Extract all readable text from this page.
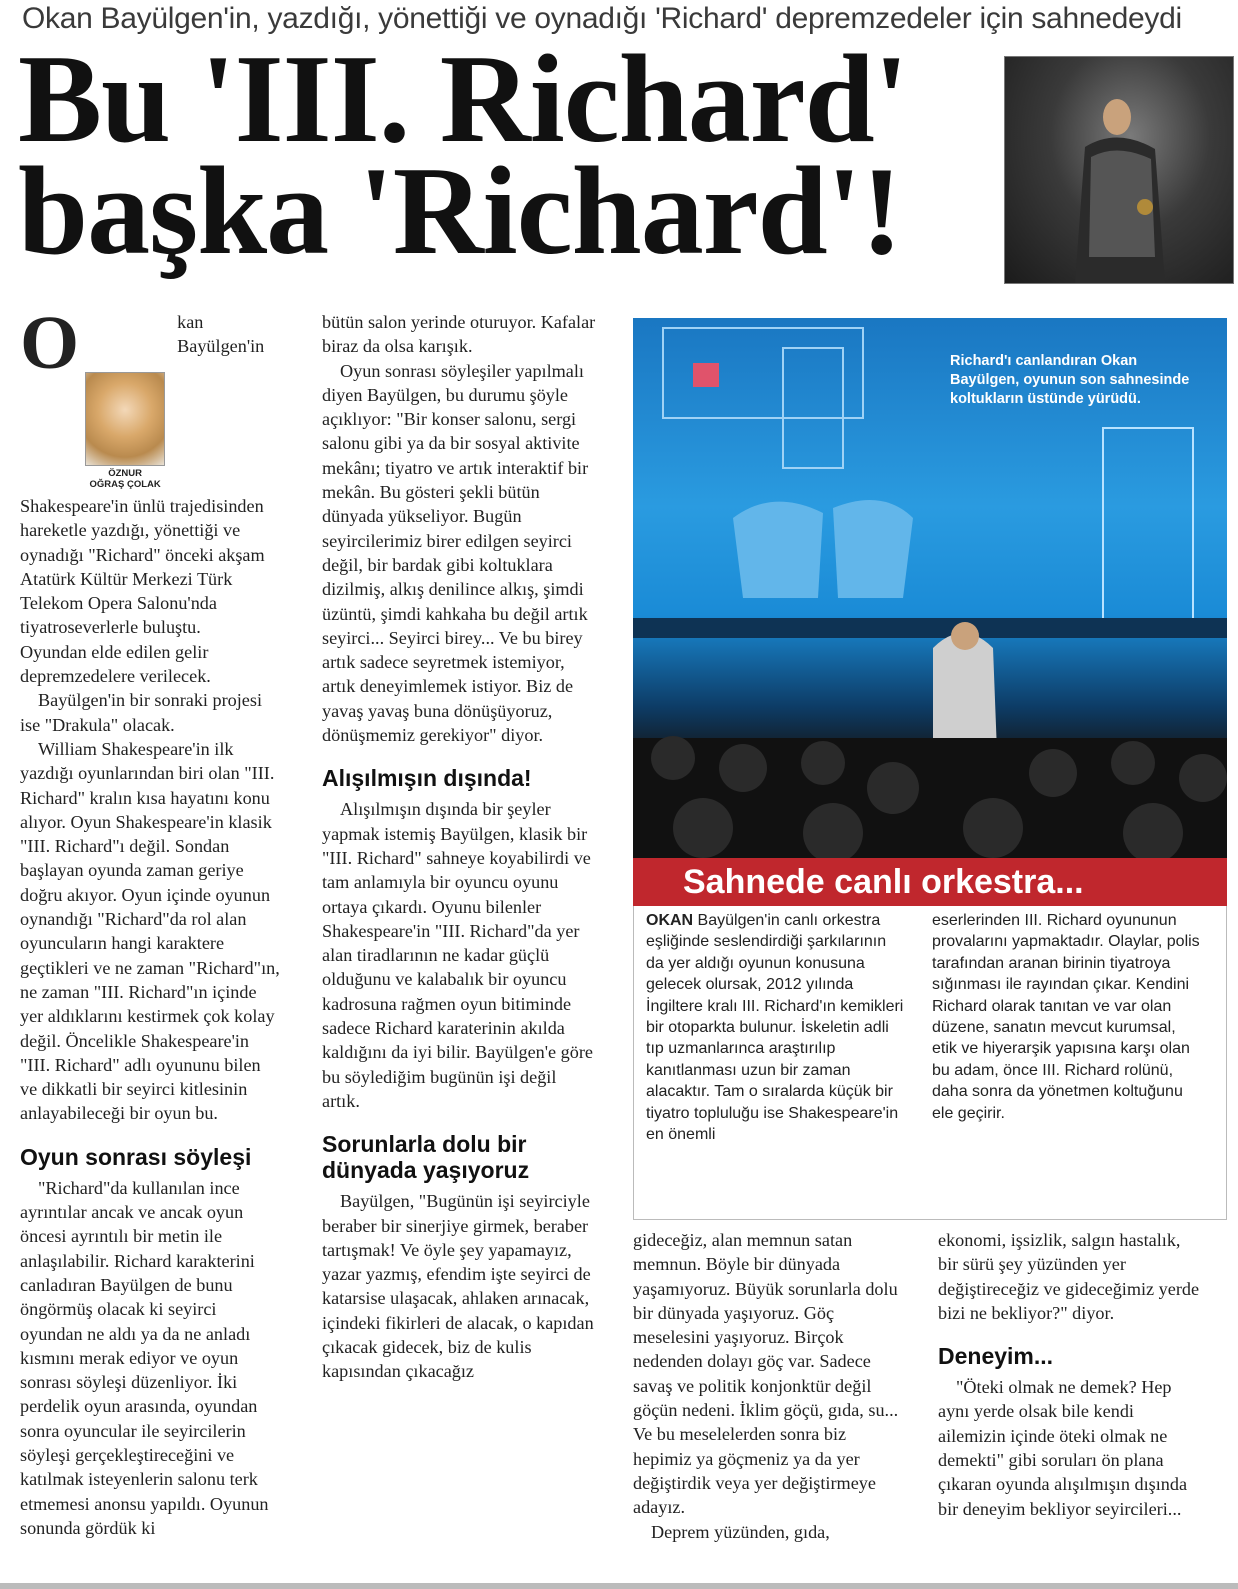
Okan Bayülgen'in, yazdığı, yönettiği ve oynadığı 'Richard' depremzedeler için sahnedeydi
Bu 'III. Richard'
başka 'Richard'!
O

ÖZNUR
OĞRAŞ ÇOLAK
kan Bayülgen'in Shakespeare'in ünlü trajedisinden hareketle yazdığı, yönettiği ve oynadığı "Richard" önceki akşam Atatürk Kültür Merkezi Türk Telekom Opera Salonu'nda tiyatroseverlerle buluştu.

Oyundan elde edilen gelir depremzedelere verilecek.

Bayülgen'in bir sonraki projesi ise "Drakula" olacak.

William Shakespeare'in ilk yazdığı oyunlarından biri olan "III. Richard" kralın kısa hayatını konu alıyor. Oyun Shakespeare'in klasik "III. Richard"ı değil. Sondan başlayan oyunda zaman geriye doğru akıyor. Oyun içinde oyunun oynandığı "Richard"da rol alan oyuncuların hangi karaktere geçtikleri ve ne zaman "Richard"ın, ne zaman "III. Richard"ın içinde yer aldıklarını kestirmek çok kolay değil. Öncelikle Shakespeare'in "III. Richard" adlı oyununu bilen ve dikkatli bir seyirci kitlesinin anlayabileceği bir oyun bu.

Oyun sonrası söyleşi

"Richard"da kullanılan ince ayrıntılar ancak ve ancak oyun öncesi ayrıntılı bir metin ile anlaşılabilir. Richard karakterini canladıran Bayülgen de bunu öngörmüş olacak ki seyirci oyundan ne aldı ya da ne anladı kısmını merak ediyor ve oyun sonrası söyleşi düzenliyor. İki perdelik oyun arasında, oyundan sonra oyuncular ile seyircilerin söyleşi gerçekleştireceğini ve katılmak isteyenlerin salonu terk etmemesi anonsu yapıldı. Oyunun sonunda gördük ki

bütün salon yerinde oturuyor. Kafalar biraz da olsa karışık.

Oyun sonrası söyleşiler yapılmalı diyen Bayülgen, bu durumu şöyle açıklıyor: "Bir konser salonu, sergi salonu gibi ya da bir sosyal aktivite mekânı; tiyatro ve artık interaktif bir mekân. Bu gösteri şekli bütün dünyada yükseliyor. Bugün seyircilerimiz birer edilgen seyirci değil, bir bardak gibi koltuklara dizilmiş, alkış denilince alkış, şimdi üzüntü, şimdi kahkaha bu değil artık seyirci... Seyirci birey... Ve bu birey artık sadece seyretmek istemiyor, artık deneyimlemek istiyor. Biz de yavaş yavaş buna dönüşüyoruz, dönüşmemiz gerekiyor" diyor.

Alışılmışın dışında!

Alışılmışın dışında bir şeyler yapmak istemiş Bayülgen, klasik bir "III. Richard" sahneye koyabilirdi ve tam anlamıyla bir oyuncu oyunu ortaya çıkardı. Oyunu bilenler Shakespeare'in "III. Richard"da yer alan tiradlarının ne kadar güçlü olduğunu ve kalabalık bir oyuncu kadrosuna rağmen oyun bitiminde sadece Richard karaterinin akılda kaldığını da iyi bilir. Bayülgen'e göre bu söylediğim bugünün işi değil artık.

Sorunlarla dolu bir dünyada yaşıyoruz

Bayülgen, "Bugünün işi seyirciyle beraber bir sinerjiye girmek, beraber tartışmak! Ve öyle şey yapamayız, yazar yazmış, efendim işte seyirci de katarsise ulaşacak, ahlaken arınacak, içindeki fikirleri de alacak, o kapıdan çıkacak gidecek, biz de kulis kapısından çıkacağız

Richard'ı canlandıran Okan Bayülgen, oyunun son sahnesinde koltukların üstünde yürüdü.
Sahnede canlı orkestra...

OKAN Bayülgen'in canlı orkestra eşliğinde seslendirdiği şarkılarının da yer aldığı oyunun konusuna gelecek olursak, 2012 yılında İngiltere kralı III. Richard'ın kemikleri bir otoparkta bulunur. İskeletin adli tıp uzmanlarınca araştırılıp kanıtlanması uzun bir zaman alacaktır. Tam o sıralarda küçük bir tiyatro topluluğu ise Shakespeare'in en önemli

eserlerinden III. Richard oyununun provalarını yapmaktadır. Olaylar, polis tarafından aranan birinin tiyatroya sığınması ile rayından çıkar. Kendini Richard olarak tanıtan ve var olan düzene, sanatın mevcut kurumsal, etik ve hiyerarşik yapısına karşı olan bu adam, önce III. Richard rolünü, daha sonra da yönetmen koltuğunu ele geçirir.

gideceğiz, alan memnun satan memnun. Böyle bir dünyada yaşamıyoruz. Büyük sorunlarla dolu bir dünyada yaşıyoruz. Göç meselesini yaşıyoruz. Birçok nedenden dolayı göç var. Sadece savaş ve politik konjonktür değil göçün nedeni. İklim göçü, gıda, su... Ve bu meselelerden sonra biz hepimiz ya göçmeniz ya da yer değiştirdik veya yer değiştirmeye adayız.

Deprem yüzünden, gıda,

ekonomi, işsizlik, salgın hastalık, bir sürü şey yüzünden yer değiştireceğiz ve gideceğimiz yerde bizi ne bekliyor?" diyor.

Deneyim...

"Öteki olmak ne demek? Hep aynı yerde olsak bile kendi ailemizin içinde öteki olmak ne demekti" gibi soruları ön plana çıkaran oyunda alışılmışın dışında bir deneyim bekliyor seyircileri...
